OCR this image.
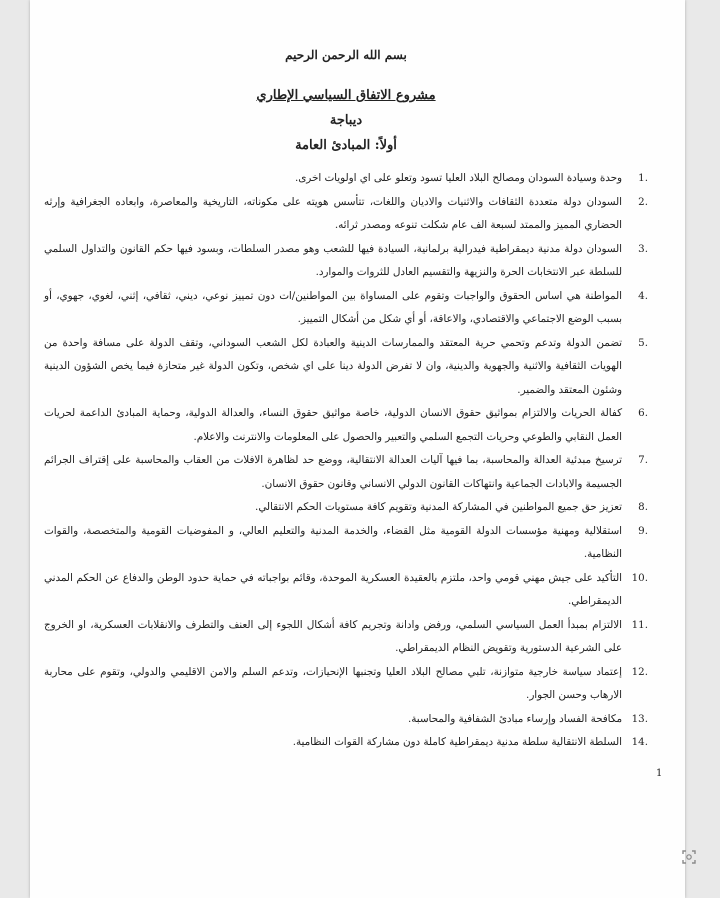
بسم الله الرحمن الرحيم
مشروع الاتفاق السياسي الإطاري
ديباجة
أولاً: المبادئ العامة
1.
وحدة وسيادة السودان ومصالح البلاد العليا تسود وتعلو على اي اولويات اخرى.
2.
السودان دولة متعددة الثقافات والاثنيات والاديان واللغات، تتأسس هويته على مكوناته، التاريخية والمعاصرة، وابعاده الجغرافية وإرثه الحضاري المميز والممتد لسبعة الف عام شكلت تنوعه ومصدر ثرائه.
3.
السودان دولة مدنية ديمقراطية فيدرالية برلمانية، السيادة فيها للشعب وهو مصدر السلطات، وبسود فيها حكم القانون والتداول السلمي للسلطة عبر الانتخابات الحرة والنزيهة والتقسيم العادل للثروات والموارد.
4.
المواطنة هي اساس الحقوق والواجبات وتقوم على المساواة بين المواطنين/ات دون تمييز نوعي، ديني، ثقافي، إثني، لغوي، جهوي، أو بسبب الوضع الاجتماعي والاقتصادي، والاعاقة، أو أي شكل من أشكال التمييز.
5.
تضمن الدولة وتدعم وتحمي حرية المعتقد والممارسات الدينية والعبادة لكل الشعب السوداني، وتقف الدولة على مسافة واحدة من الهويات الثقافية والاثنية والجهوية والدينية، وان لا تفرض الدولة دينا على اي شخص، وتكون الدولة غير متحازة فيما يخص الشؤون الدينية وشئون المعتقد والضمير.
6.
كفالة الحريات والالتزام بمواثيق حقوق الانسان الدولية، خاصة مواثيق حقوق النساء، والعدالة الدولية، وحماية المبادئ الداعمة لحريات العمل النقابي والطوعي وحريات التجمع السلمي والتعبير والحصول على المعلومات والانترنت والاعلام.
7.
ترسيخ مبدئية العدالة والمحاسبة، بما فيها آليات العدالة الانتقالية، ووضع حد لظاهرة الافلات من العقاب والمحاسبة على إقتراف الجرائم الجسيمة والابادات الجماعية وانتهاكات القانون الدولي الانساني وقانون حقوق الانسان.
8.
تعزيز حق جميع المواطنين في المشاركة المدنية وتقويم كافة مستويات الحكم الانتقالي.
9.
استقلالية ومهنية مؤسسات الدولة القومية مثل القضاء، والخدمة المدنية والتعليم العالي، و المفوضيات القومية والمتخصصة، والقوات النظامية.
10.
التأكيد على جيش مهني قومي واحد، ملتزم بالعقيدة العسكرية الموحدة، وقائم بواجباته في حماية حدود الوطن والدفاع عن الحكم المدني الديمقراطي.
11.
الالتزام بمبدأ العمل السياسي السلمي، ورفض وادانة وتجريم كافة أشكال اللجوء إلى العنف والتطرف والانقلابات العسكرية، او الخروج على الشرعية الدستورية وتقويض النظام الديمقراطي.
12.
إعتماد سياسة خارجية متوازنة، تلبي مصالح البلاد العليا وتجنبها الإنحيازات، وتدعم السلم والامن الاقليمي والدولي، وتقوم على محاربة الارهاب وحسن الجوار.
13.
مكافحة الفساد وإرساء مبادئ الشفافية والمحاسبة.
14.
السلطة الانتقالية سلطة مدنية ديمقراطية كاملة دون مشاركة القوات النظامية.
1
